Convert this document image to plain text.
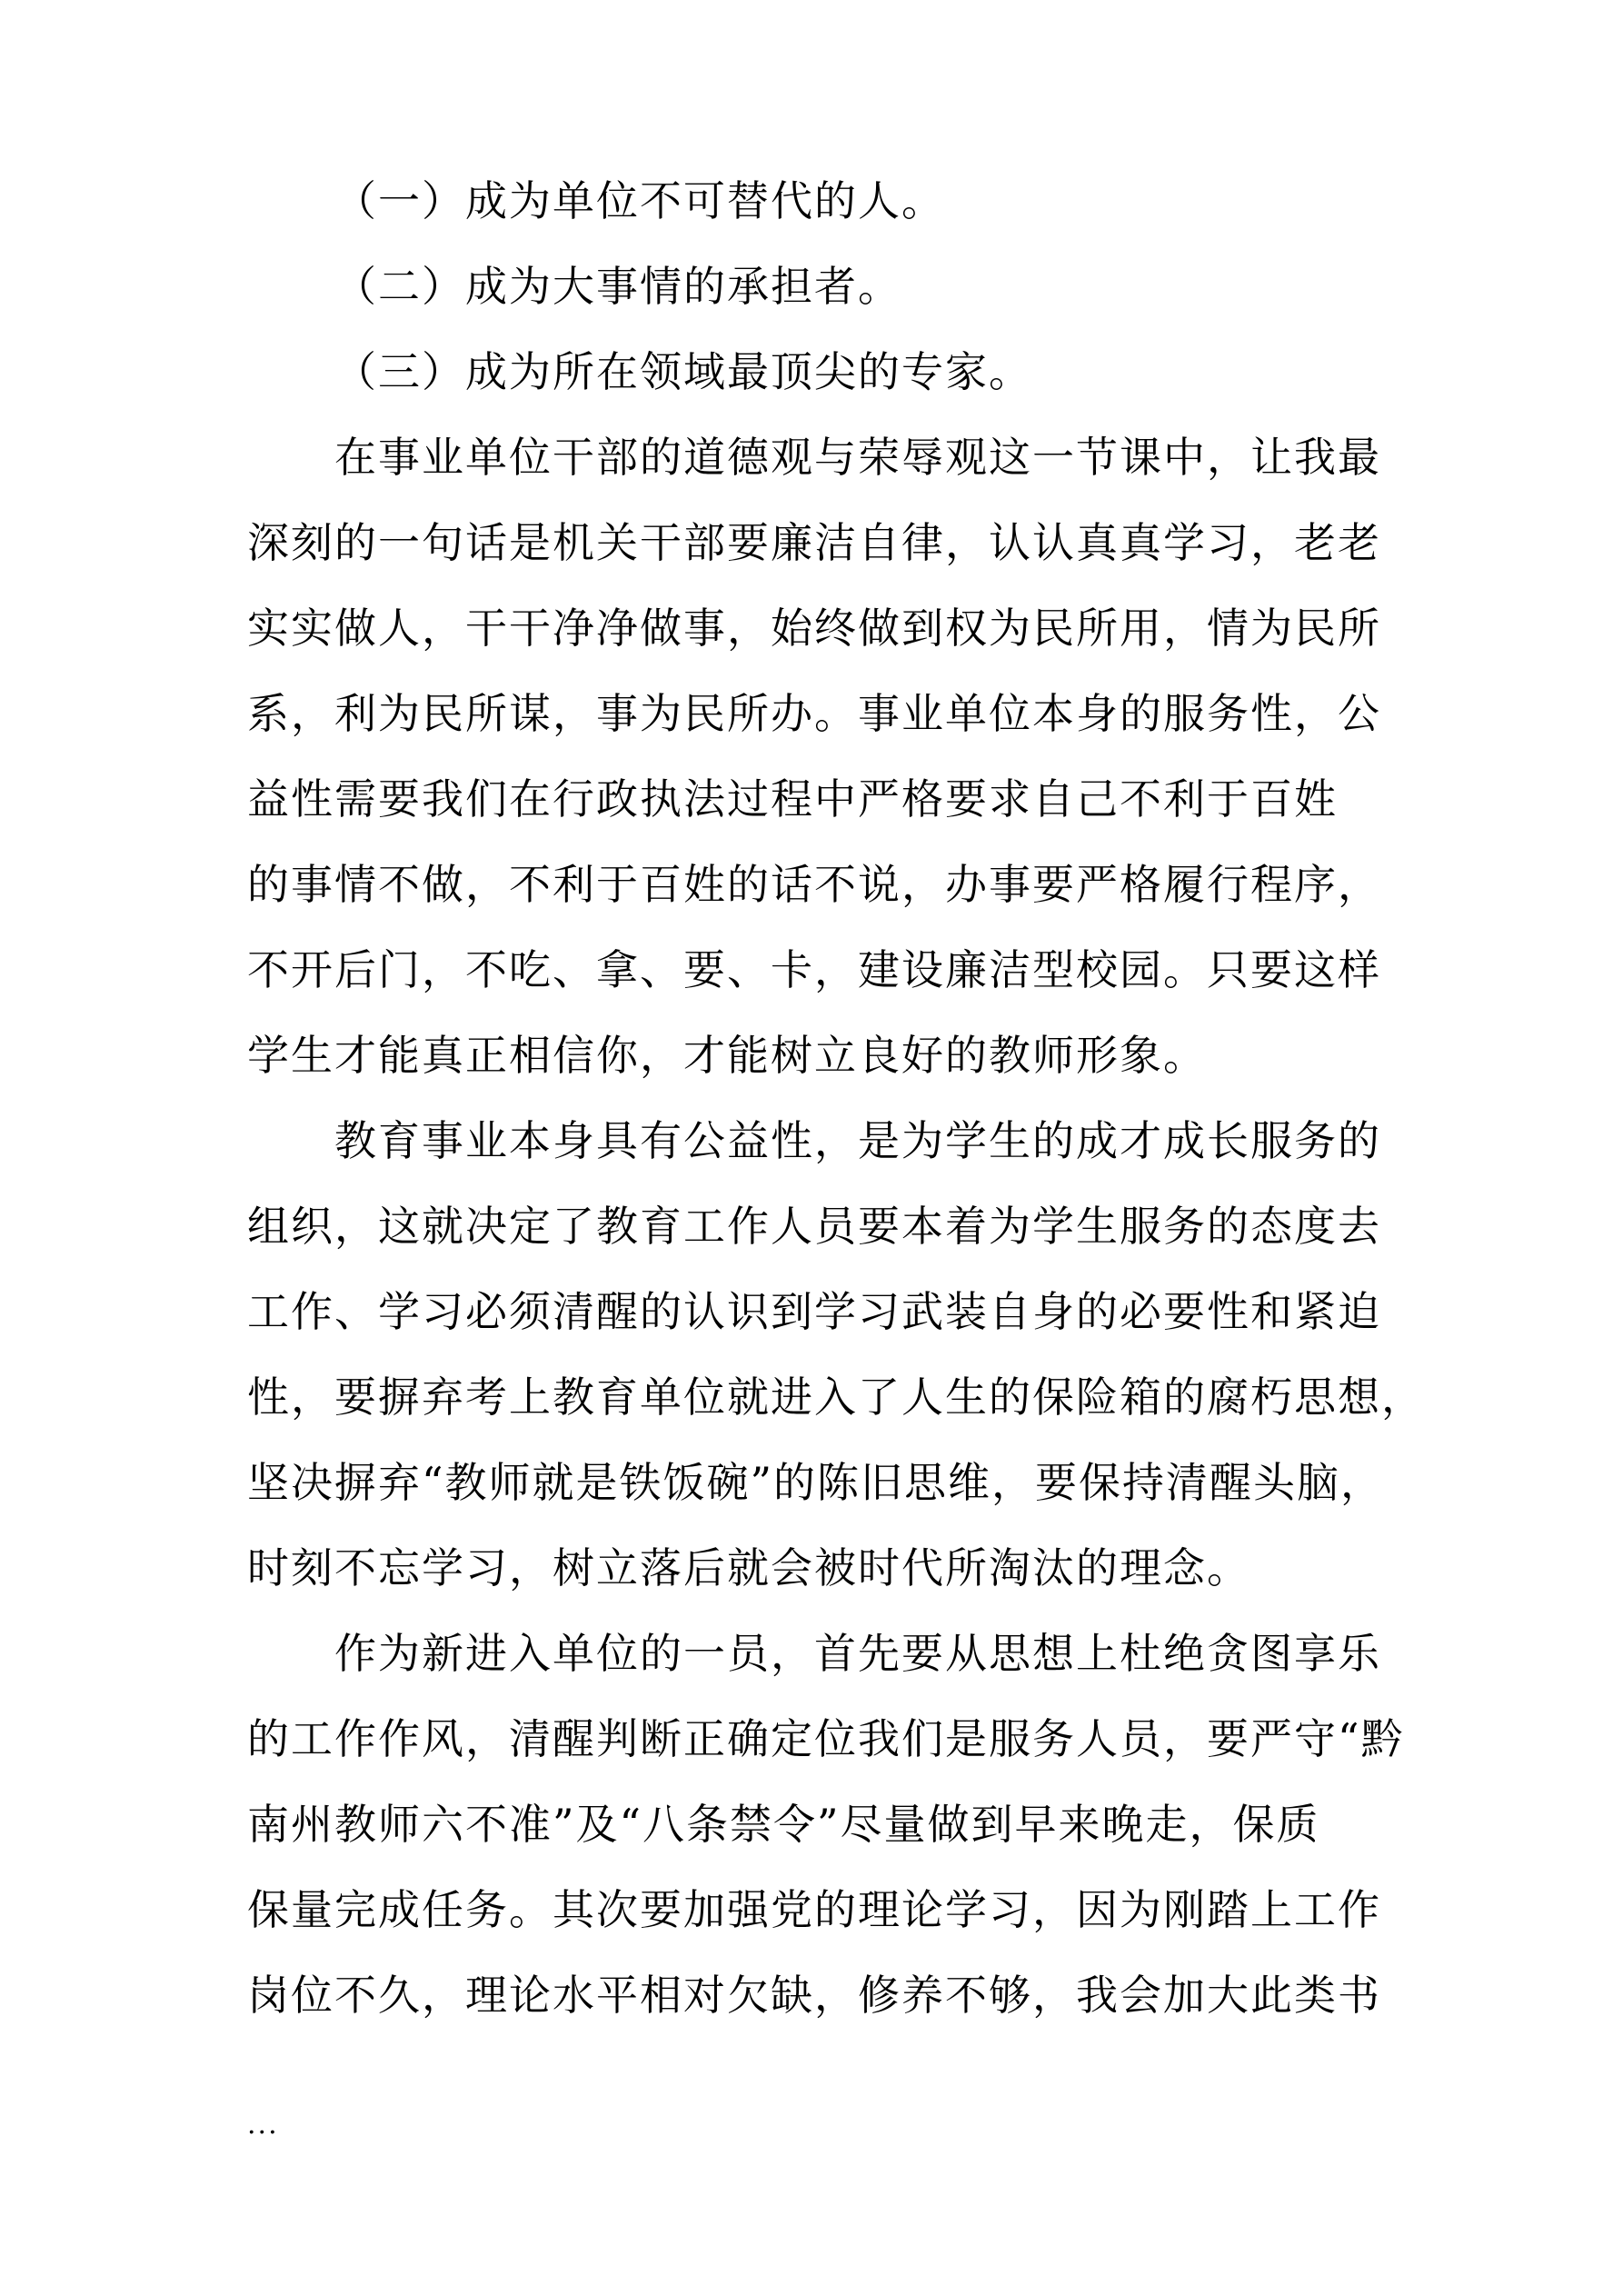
（一）成为单位不可替代的人。
（二）成为大事情的承担者。
（三）成为所在领域最顶尖的专家。
在事业单位干部的道德观与荣辱观这一节课中，让我最
深刻的一句话是机关干部要廉洁自律，认认真真学习，老老
实实做人，干干净净做事，始终做到权为民所用，情为民所
系，利为民所谋，事为民所办。事业单位本身的服务性，公
益性需要我们在行政执法过程中严格要求自己不利于百姓
的事情不做，不利于百姓的话不说，办事要严格履行程序，
不开后门，不吃、拿、要、卡，建设廉洁型校园。只要这样
学生才能真正相信你，才能树立良好的教师形象。
教育事业本身具有公益性，是为学生的成才成长服务的
组织，这就决定了教育工作人员要本着为学生服务的态度去
工作、学习必须清醒的认识到学习武装自身的必要性和紧迫
性，要摒弃考上教育单位就进入了人生的保险箱的腐朽思想，
坚决摒弃“教师就是铁饭碗”的陈旧思维，要保持清醒头脑，
时刻不忘学习，树立落后就会被时代所淘汰的理念。
作为新进入单位的一员，首先要从思想上杜绝贪图享乐
的工作作风，清醒判断正确定位我们是服务人员，要严守“黔
南州教师六不准”及“八条禁令”尽量做到早来晚走，保质
保量完成任务。其次要加强党的理论学习，因为刚踏上工作
岗位不久，理论水平相对欠缺，修养不够，我会加大此类书
...
